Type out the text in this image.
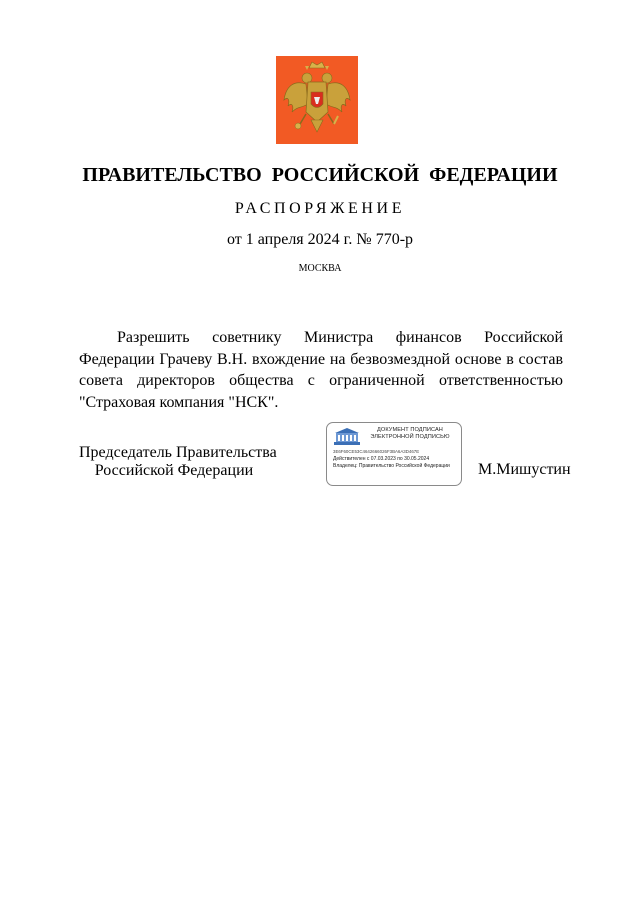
ПРАВИТЕЛЬСТВО РОССИЙСКОЙ ФЕДЕРАЦИИ
РАСПОРЯЖЕНИЕ
от 1 апреля 2024 г. № 770-р
МОСКВА

Разрешить советнику Министра финансов Российской Федерации Грачеву В.Н. вхождение на безвозмездной основе в состав совета директоров общества с ограниченной ответственностью "Страховая компания "НСК".

Председатель Правительства
Российской Федерации
ДОКУМЕНТ ПОДПИСАН
ЭЛЕКТРОННОЙ ПОДПИСЬЮ
3E6F60CE53C4642666026F3BA6A3D467E
Действителен с 07.03.2023 по 30.05.2024
Владелец: Правительство Российской Федерации	М.Мишустин
